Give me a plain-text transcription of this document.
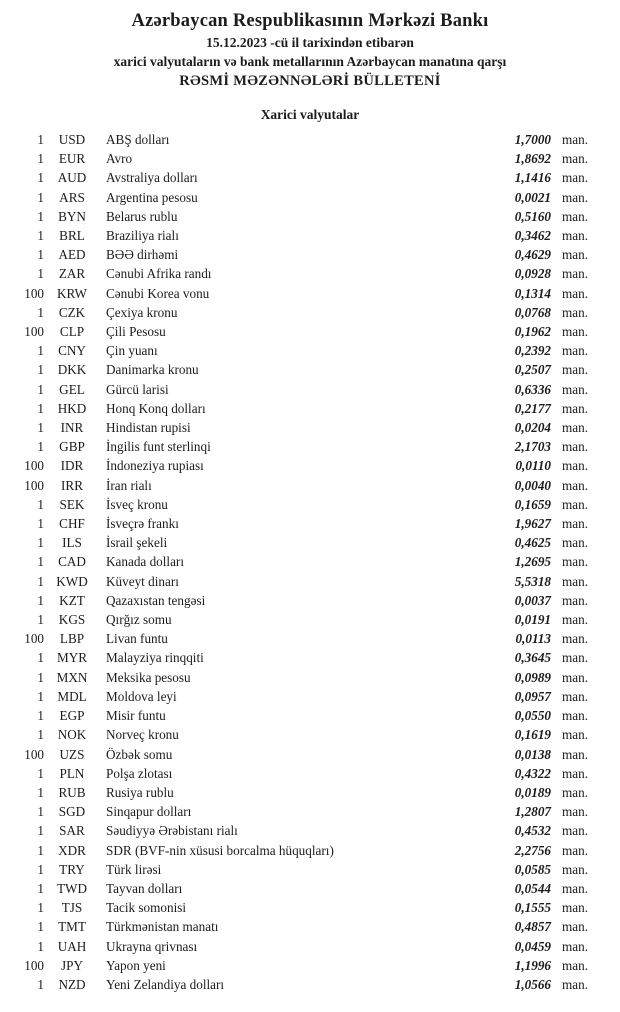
Azərbaycan Respublikasının Mərkəzi Bankı
15.12.2023 -cü il tarixindən etibarən
xarici valyutaların və bank metallarının Azərbaycan manatına qarşı
RƏSMİ MƏZƏNNƏLƏRİ BÜLLETENİ
Xarici valyutalar
1	USD	ABŞ dolları	1,7000 man.
1	EUR	Avro	1,8692 man.
1	AUD	Avstraliya dolları	1,1416 man.
1	ARS	Argentina pesosu	0,0021 man.
1	BYN	Belarus rublu	0,5160 man.
1	BRL	Braziliya rialı	0,3462 man.
1	AED	BƏƏ dirhəmi	0,4629 man.
1	ZAR	Cənubi Afrika randı	0,0928 man.
100 KRW	Cənubi Korea vonu	0,1314 man.
1	CZK	Çexiya kronu	0,0768 man.
100	CLP	Çili Pesosu	0,1962 man.
1	CNY	Çin yuanı	0,2392 man.
1	DKK	Danimarka kronu	0,2507 man.
1	GEL	Gürcü larisi	0,6336 man.
1	HKD	Honq Konq dolları	0,2177 man.
1	INR	Hindistan rupisi	0,0204 man.
1	GBP	İngilis funt sterlinqi	2,1703 man.
100	IDR	İndoneziya rupiası	0,0110 man.
100	IRR	İran rialı	0,0040 man.
1	SEK	İsveç kronu	0,1659 man.
1	CHF	İsveçrə frankı	1,9627 man.
1	ILS	İsrail şekeli	0,4625 man.
1	CAD	Kanada dolları	1,2695 man.
1 KWD	Küveyt dinarı	5,5318 man.
1	KZT	Qazaxıstan tengəsi	0,0037 man.
1	KGS	Qırğız somu	0,0191 man.
100	LBP	Livan funtu	0,0113 man.
1 MYR	Malayziya rinqqiti	0,3645 man.
1 MXN	Meksika pesosu	0,0989 man.
1	MDL	Moldova leyi	0,0957 man.
1	EGP	Misir funtu	0,0550 man.
1	NOK	Norveç kronu	0,1619 man.
100	UZS	Özbək somu	0,0138 man.
1	PLN	Polşa zlotası	0,4322 man.
1	RUB	Rusiya rublu	0,0189 man.
1	SGD	Sinqapur dolları	1,2807 man.
1	SAR	Səudiyyə Ərəbistanı rialı	0,4532 man.
1	XDR	SDR (BVF-nin xüsusi borcalma hüquqları)	2,2756 man.
1	TRY	Türk lirəsi	0,0585 man.
1 TWD	Tayvan dolları	0,0544 man.
1	TJS	Tacik somonisi	0,1555 man.
1	TMT	Türkmənistan manatı	0,4857 man.
1	UAH	Ukrayna qrivnası	0,0459 man.
100	JPY	Yapon yeni	1,1996 man.
1	NZD	Yeni Zelandiya dolları	1,0566 man.
